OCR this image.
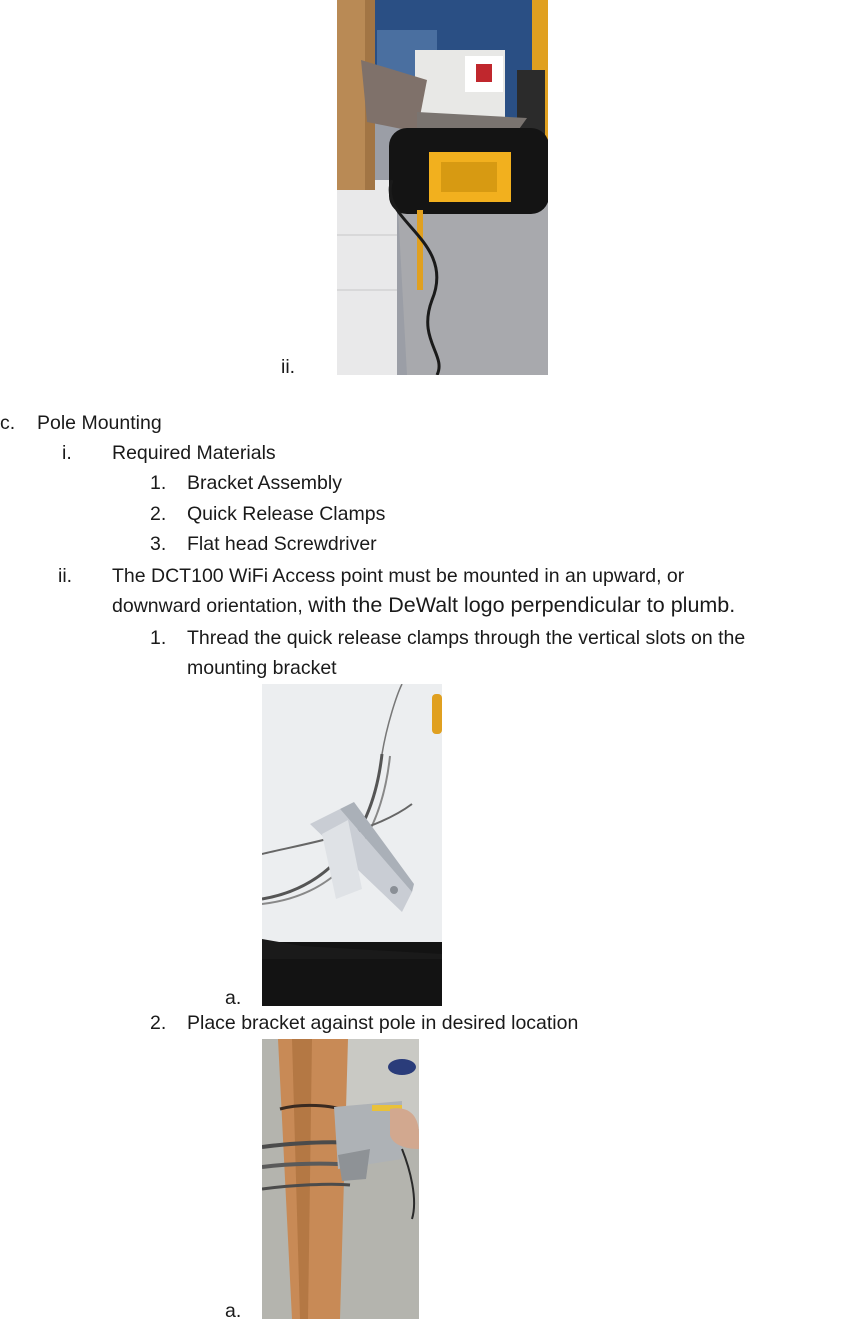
ii.
c. Pole Mounting
i. Required Materials
1. Bracket Assembly
2. Quick Release Clamps
3. Flat head Screwdriver
ii. The DCT100 WiFi Access point must be mounted in an upward, or
downward orientation, with the DeWalt logo perpendicular to plumb.
1. Thread the quick release clamps through the vertical slots on the
mounting bracket
a.
2. Place bracket against pole in desired location
a.
